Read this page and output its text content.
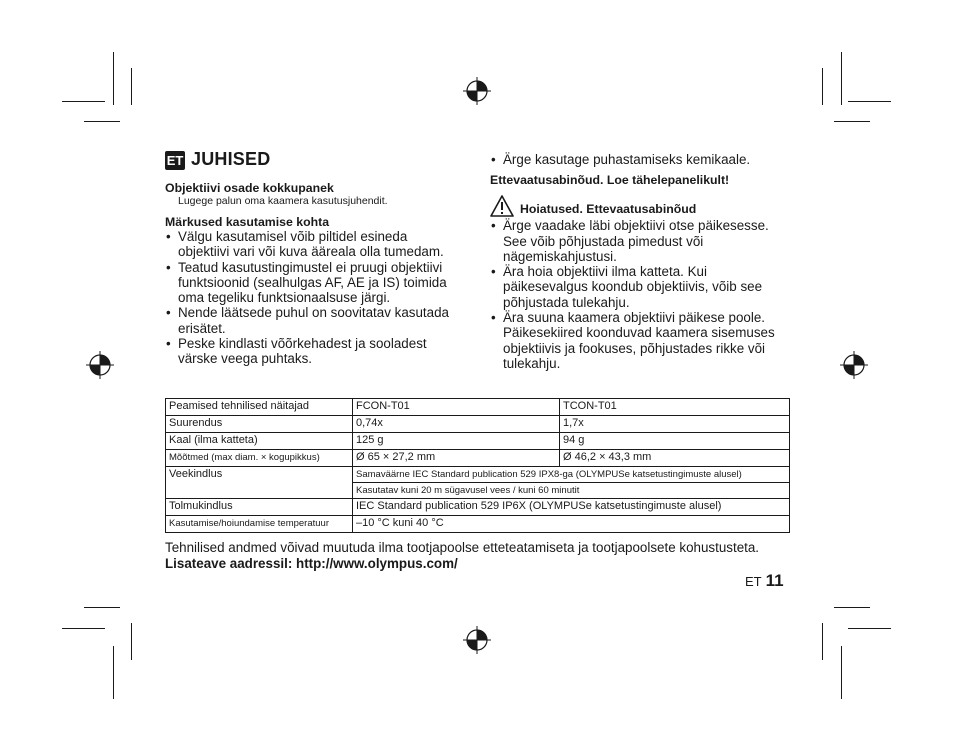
ET JUHISED
Objektiivi osade kokkupanek
Lugege palun oma kaamera kasutusjuhendit.
Märkused kasutamise kohta
• Välgu kasutamisel võib piltidel esineda objektiivi vari või kuva ääreala olla tumedam.
• Teatud kasutustingimustel ei pruugi objektiivi funktsioonid (sealhulgas AF, AE ja IS) toimida oma tegeliku funktsionaalsuse järgi.
• Nende läätsede puhul on soovitatav kasutada erisätet.
• Peske kindlasti võõrkehadest ja sooladest värske veega puhtaks.
• Ärge kasutage puhastamiseks kemikaale.
Ettevaatusabinõud. Loe tähelepanelikult!
Hoiatused. Ettevaatusabinõud
• Ärge vaadake läbi objektiivi otse päikesesse. See võib põhjustada pimedust või nägemiskahjustusi.
• Ära hoia objektiivi ilma katteta. Kui päikesevalgus koondub objektiivis, võib see põhjustada tulekahju.
• Ära suuna kaamera objektiivi päikese poole. Päikesekiired koonduvad kaamera sisemuses objektiivis ja fookuses, põhjustades rikke või tulekahju.
Peamised tehnilised näitajad	FCON-T01	TCON-T01
Suurendus	0,74x	1,7x
Kaal (ilma katteta)	125 g	94 g
Mõõtmed (max diam. × kogupikkus)	Ø 65 × 27,2 mm	Ø 46,2 × 43,3 mm
Veekindlus	Samaväärne IEC Standard publication 529 IPX8-ga (OLYMPUSe katsetustingimuste alusel)
Kasutatav kuni 20 m sügavusel vees / kuni 60 minutit	

Tolmukindlus	IEC Standard publication 529 IP6X (OLYMPUSe katsetustingimuste alusel)	
Kasutamise/hoiundamise temperatuur	–10 °C kuni 40 °C	
Tehnilised andmed võivad muutuda ilma tootjapoolse etteteatamiseta ja tootjapoolsete kohustusteta.
Lisateave aadressil: http://www.olympus.com/
ET 11
